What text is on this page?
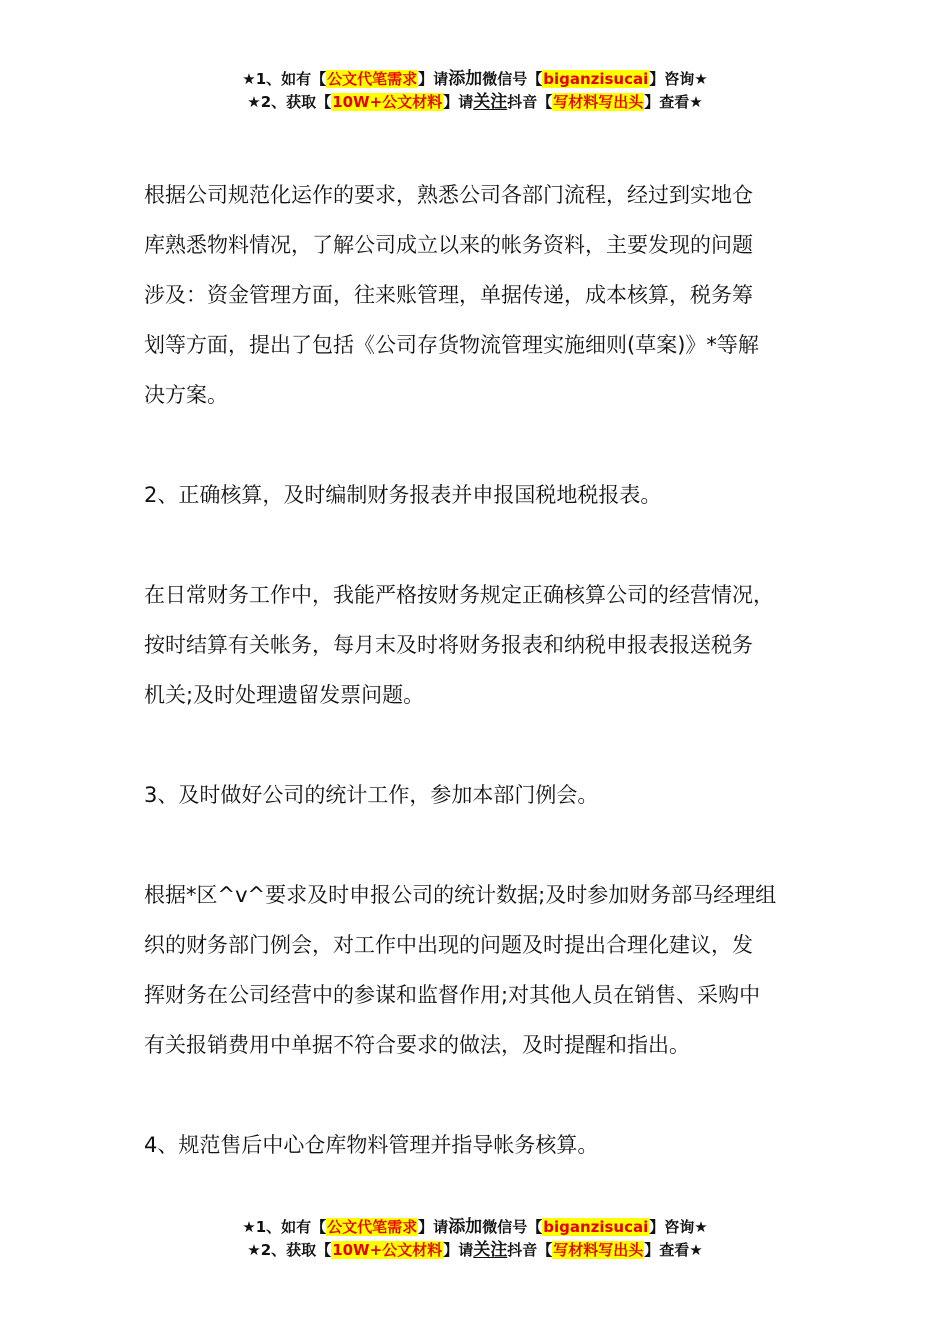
★1、如有【公文代笔需求】请添加微信号【biganzisucai】咨询★
★2、获取【10W+公文材料】请关注抖音【写材料写出头】查看★

根据公司规范化运作的要求，熟悉公司各部门流程，经过到实地仓

库熟悉物料情况，了解公司成立以来的帐务资料，主要发现的问题

涉及：资金管理方面，往来账管理，单据传递，成本核算，税务筹

划等方面，提出了包括《公司存货物流管理实施细则(草案)》*等解

决方案。

2、正确核算，及时编制财务报表并申报国税地税报表。

在日常财务工作中，我能严格按财务规定正确核算公司的经营情况，

按时结算有关帐务，每月末及时将财务报表和纳税申报表报送税务

机关;及时处理遗留发票问题。

3、及时做好公司的统计工作，参加本部门例会。

根据*区^v^要求及时申报公司的统计数据;及时参加财务部马经理组

织的财务部门例会，对工作中出现的问题及时提出合理化建议，发

挥财务在公司经营中的参谋和监督作用;对其他人员在销售、采购中

有关报销费用中单据不符合要求的做法，及时提醒和指出。

4、规范售后中心仓库物料管理并指导帐务核算。

★1、如有【公文代笔需求】请添加微信号【biganzisucai】咨询★
★2、获取【10W+公文材料】请关注抖音【写材料写出头】查看★
